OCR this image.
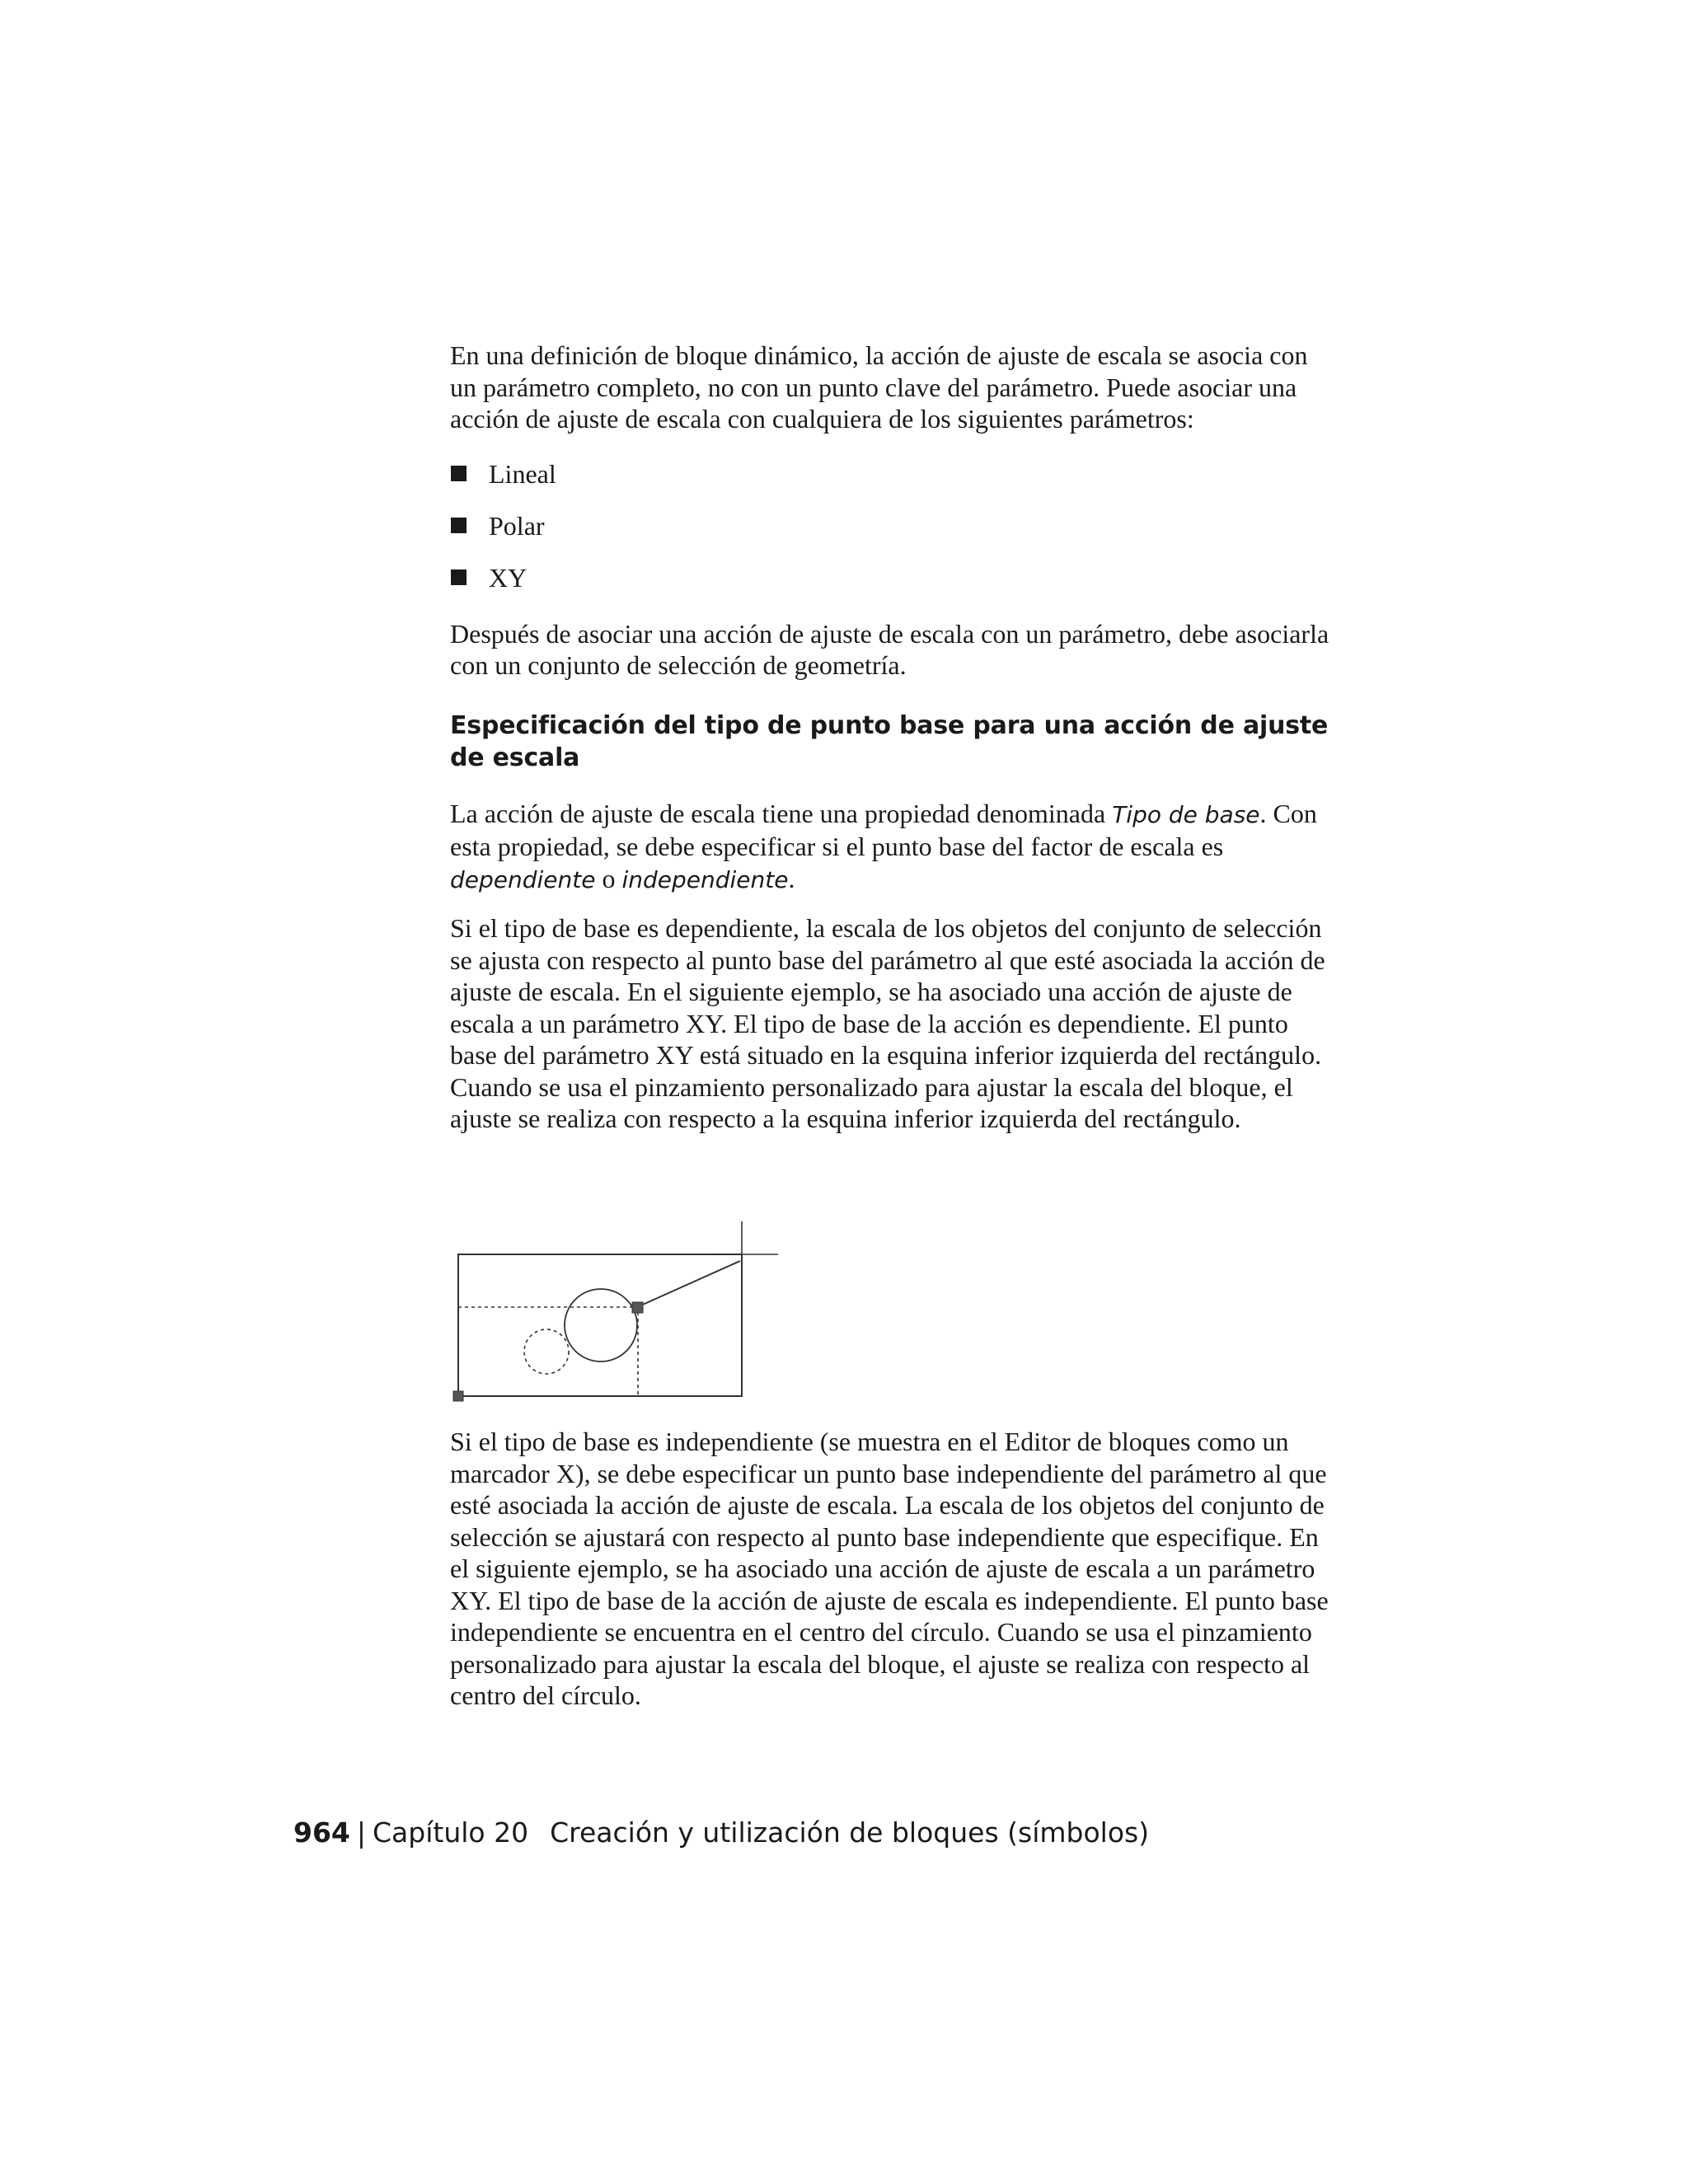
En una definición de bloque dinámico, la acción de ajuste de escala se asocia con un parámetro completo, no con un punto clave del parámetro. Puede asociar una acción de ajuste de escala con cualquiera de los siguientes parámetros:

Lineal
Polar
XY

Después de asociar una acción de ajuste de escala con un parámetro, debe asociarla con un conjunto de selección de geometría.

Especificación del tipo de punto base para una acción de ajuste de escala

La acción de ajuste de escala tiene una propiedad denominada Tipo de base. Con esta propiedad, se debe especificar si el punto base del factor de escala es dependiente o independiente.

Si el tipo de base es dependiente, la escala de los objetos del conjunto de selección se ajusta con respecto al punto base del parámetro al que esté asociada la acción de ajuste de escala. En el siguiente ejemplo, se ha asociado una acción de ajuste de escala a un parámetro XY. El tipo de base de la acción es dependiente. El punto base del parámetro XY está situado en la esquina inferior izquierda del rectángulo. Cuando se usa el pinzamiento personalizado para ajustar la escala del bloque, el ajuste se realiza con respecto a la esquina inferior izquierda del rectángulo.

Si el tipo de base es independiente (se muestra en el Editor de bloques como un marcador X), se debe especificar un punto base independiente del parámetro al que esté asociada la acción de ajuste de escala. La escala de los objetos del conjunto de selección se ajustará con respecto al punto base independiente que especifique. En el siguiente ejemplo, se ha asociado una acción de ajuste de escala a un parámetro XY. El tipo de base de la acción de ajuste de escala es independiente. El punto base independiente se encuentra en el centro del círculo. Cuando se usa el pinzamiento personalizado para ajustar la escala del bloque, el ajuste se realiza con respecto al centro del círculo.

964 | Capítulo 20 Creación y utilización de bloques (símbolos)
